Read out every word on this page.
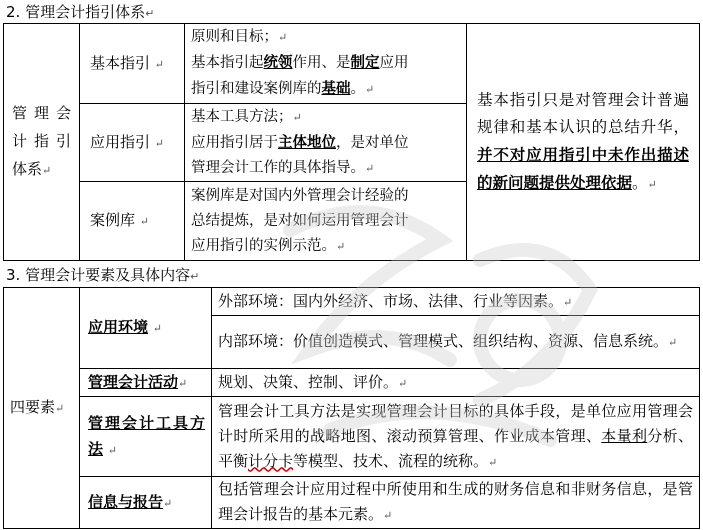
2. 管理会计指引体系↵
管理会计指引体系↵	基本指引 ↵	原则和目标；↵
基本指引起统领作用、是制定应用
指引和建设案例库的基础。↵	基本指引只是对管理会计普遍规律和基本认识的总结升华，并不对应用指引中未作出描述的新问题提供处理依据。↵
	应用指引 ↵	基本工具方法；↵
应用指引居于主体地位，是对单位
管理会计工作的具体指导。↵	

	案例库 ↵	案例库是对国内外管理会计经验的
总结提炼，是对如何运用管理会计
应用指引的实例示范。↵	
3. 管理会计要素及具体内容↵
四要素↵	应用环境 ↵	外部环境：国内外经济、市场、法律、行业等因素。↵
		内部环境：价值创造模式、管理模式、组织结构、资源、信息系统。↵
	管理会计活动↵	规划、决策、控制、评价。↵
	管理会计工具方法 ↵	管理会计工具方法是实现管理会计目标的具体手段，是单位应用管理会计时所采用的战略地图、滚动预算管理、作业成本管理、本量利分析、平衡计分卡等模型、技术、流程的统称。↵
	信息与报告↵	包括管理会计应用过程中所使用和生成的财务信息和非财务信息，是管理会计报告的基本元素。↵
